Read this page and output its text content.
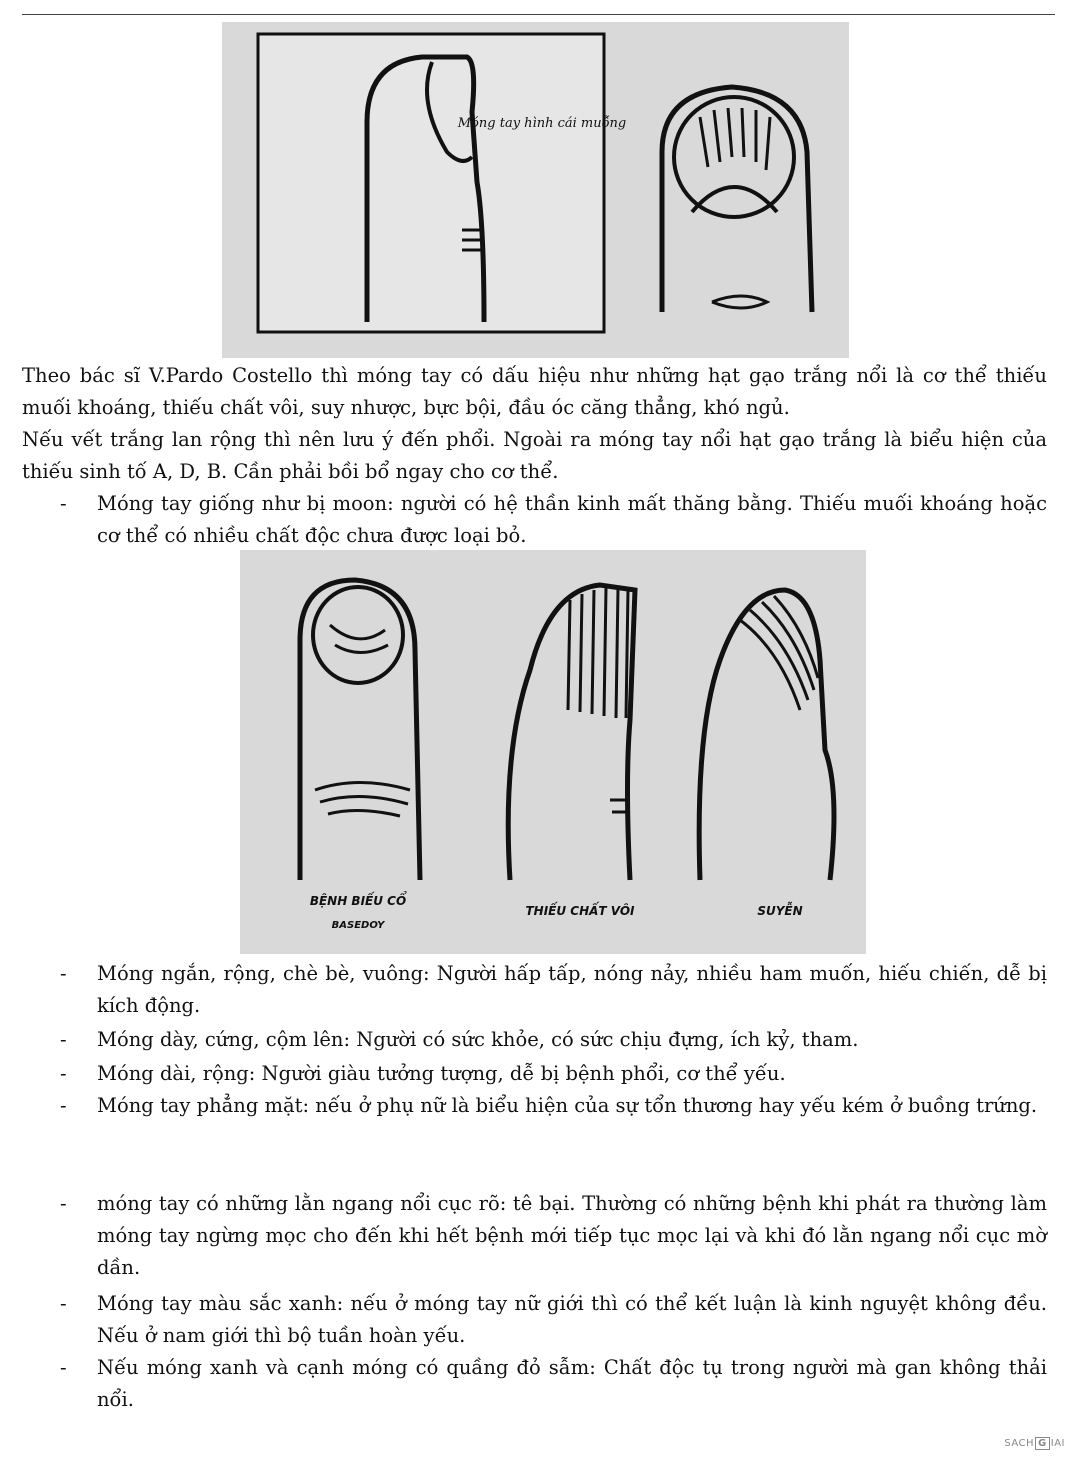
Móng tay hình cái muỗng

Theo bác sĩ V.Pardo Costello thì móng tay có dấu hiệu như những hạt gạo trắng nổi là cơ thể thiếu muối khoáng, thiếu chất vôi, suy nhược, bực bội, đầu óc căng thẳng, khó ngủ.

Nếu vết trắng lan rộng thì nên lưu ý đến phổi. Ngoài ra móng tay nổi hạt gạo trắng là biểu hiện của thiếu sinh tố A, D, B. Cần phải bồi bổ ngay cho cơ thể.

- Móng tay giống như bị moon: người có hệ thần kinh mất thăng bằng. Thiếu muối khoáng hoặc cơ thể có nhiều chất độc chưa được loại bỏ.
BỆNH BIẾU CỔ
BASEDOY
THIẾU CHẤT VÔI	SUYỄN
- Móng ngắn, rộng, chè bè, vuông: Người hấp tấp, nóng nảy, nhiều ham muốn, hiếu chiến, dễ bị kích động.
- Móng dày, cứng, cộm lên: Người có sức khỏe, có sức chịu đựng, ích kỷ, tham.
- Móng dài, rộng: Người giàu tưởng tượng, dễ bị bệnh phổi, cơ thể yếu.
- Móng tay phẳng mặt: nếu ở phụ nữ là biểu hiện của sự tổn thương hay yếu kém ở buồng trứng.
- móng tay có những lằn ngang nổi cục rõ: tê bại. Thường có những bệnh khi phát ra thường làm móng tay ngừng mọc cho đến khi hết bệnh mới tiếp tục mọc lại và khi đó lằn ngang nổi cục mờ dần.
- Móng tay màu sắc xanh: nếu ở móng tay nữ giới thì có thể kết luận là kinh nguyệt không đều. Nếu ở nam giới thì bộ tuần hoàn yếu.
- Nếu móng xanh và cạnh móng có quầng đỏ sẫm: Chất độc tụ trong người mà gan không thải nổi.
SACH G IAI
